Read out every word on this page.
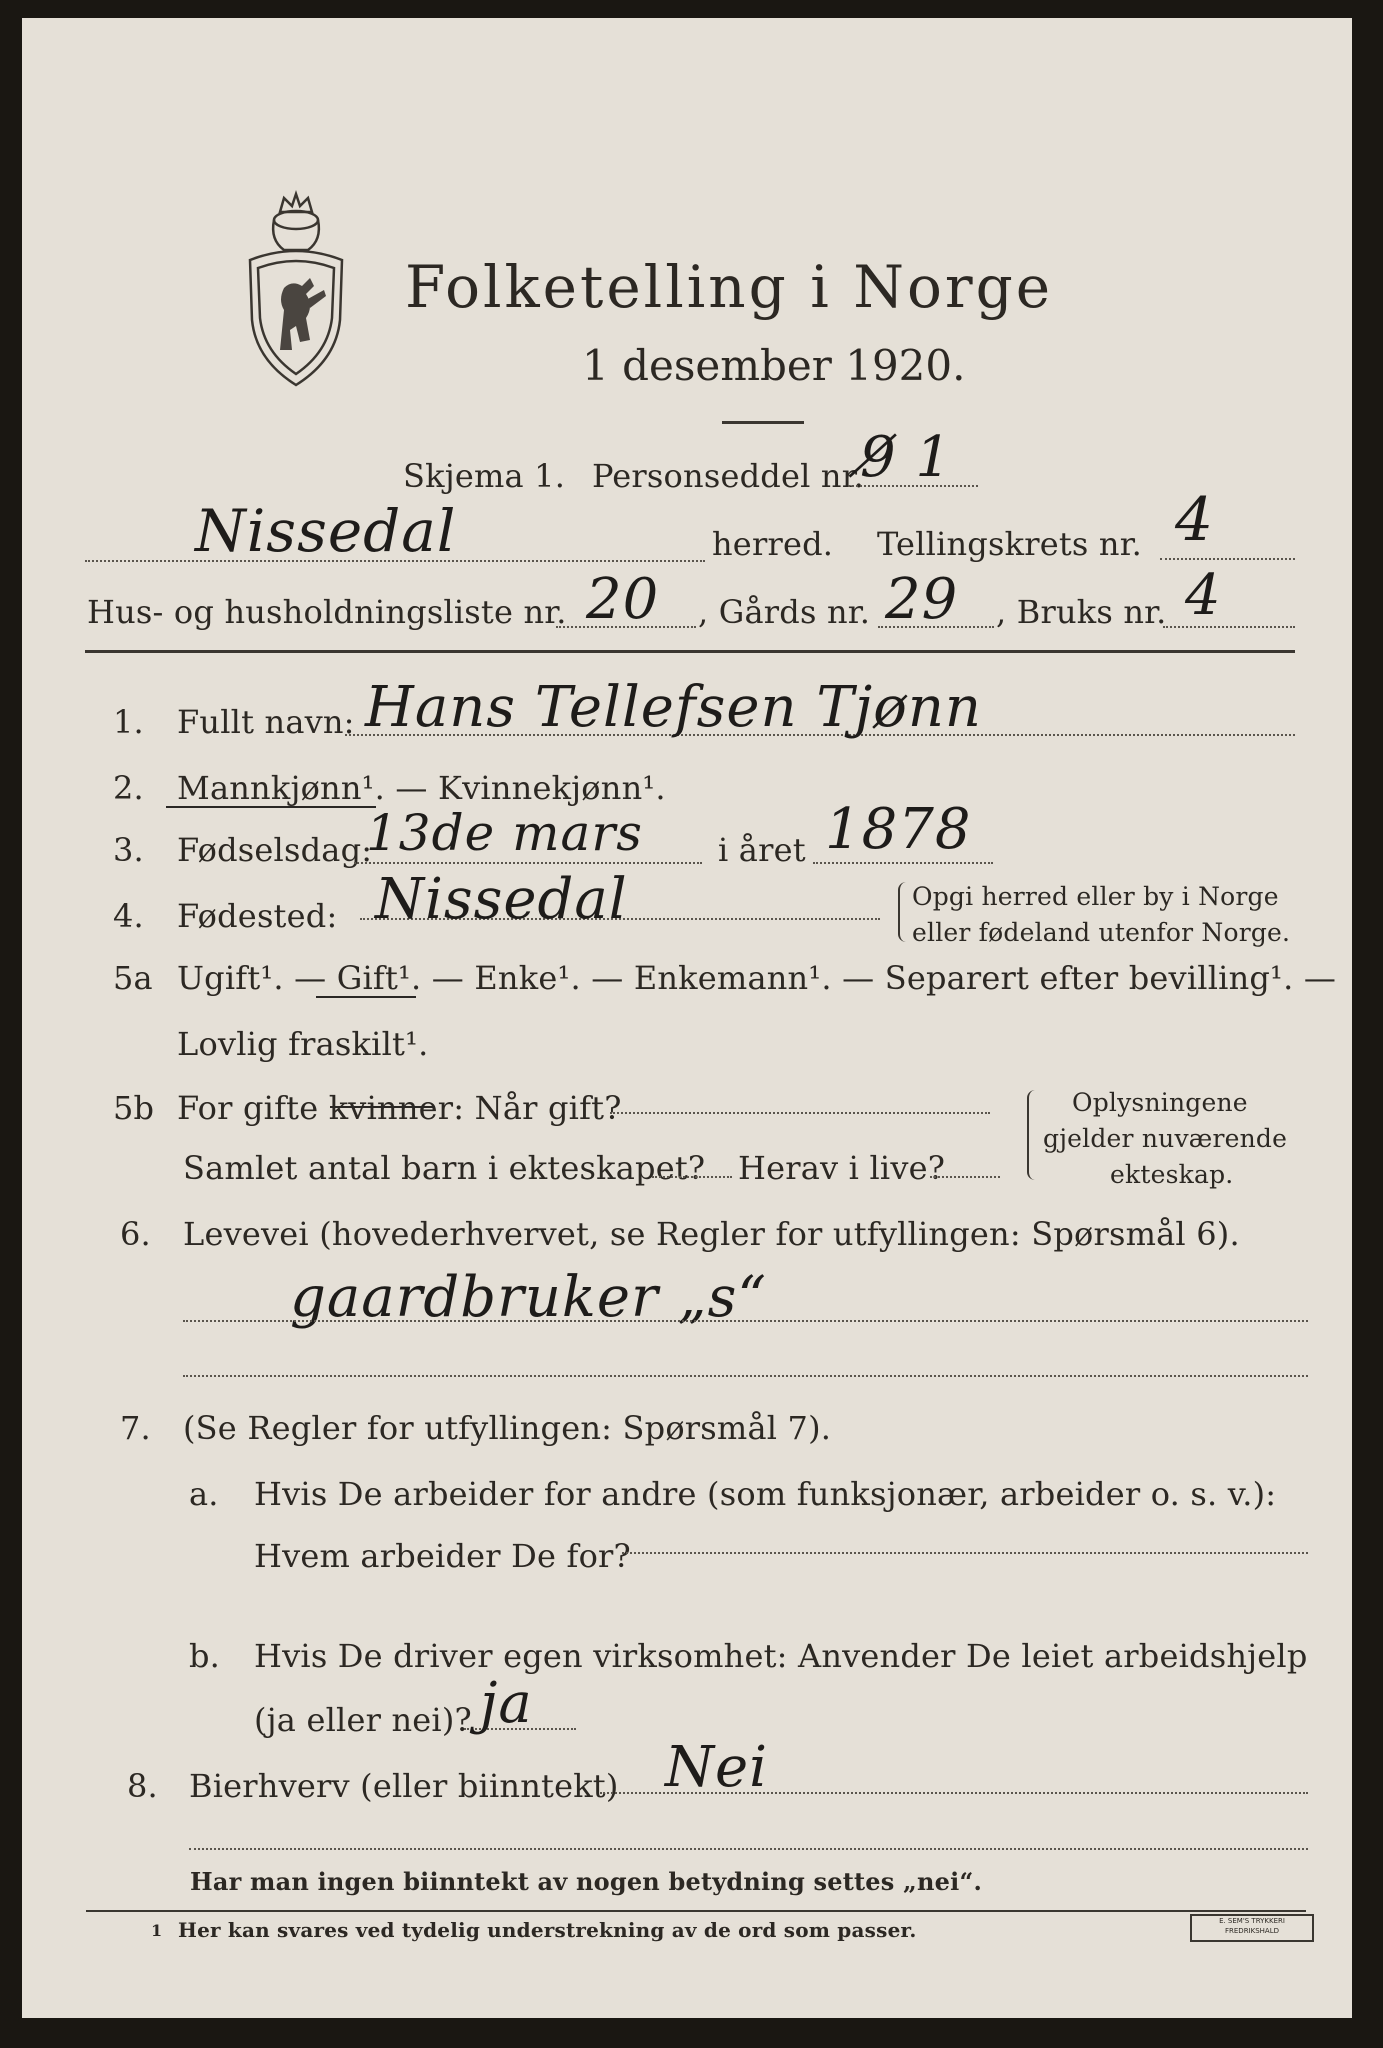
Folketelling i Norge
1 desember 1920.
Skjema 1. Personseddel nr.
9̸ 1
Nissedal	herred. Tellingskrets nr. 4
Hus- og husholdningsliste nr. 20 , Gårds nr. 29 , Bruks nr. 4
1. Fullt navn: Hans Tellefsen Tjønn
2. Mannkjønn¹. — Kvinnekjønn¹.
3. Fødselsdag:
13de mars i året 1878
4. Fødested: Nissedal	Opgi herred eller by i Norge
eller fødeland utenfor Norge.
5a Ugift¹. — Gift¹. — Enke¹. — Enkemann¹. — Separert efter bevilling¹. —
Lovlig fraskilt¹.
5b For gifte kvinner: Når gift?
Samlet antal barn i ekteskapet? Herav i live?
Oplysningene
gjelder nuværende
ekteskap.
6. Levevei (hovederhvervet, se Regler for utfyllingen: Spørsmål 6).
gaardbruker „s“
7. (Se Regler for utfyllingen: Spørsmål 7).
a. Hvis De arbeider for andre (som funksjonær, arbeider o. s. v.):
Hvem arbeider De for?
b. Hvis De driver egen virksomhet: Anvender De leiet arbeidshjelp
(ja eller nei)? ja
8. Bierhverv (eller biinntekt) Nei
Har man ingen biinntekt av nogen betydning settes „nei“.
1 Her kan svares ved tydelig understrekning av de ord som passer.	E. SEM'S TRYKKERI FREDRIKSHALD
